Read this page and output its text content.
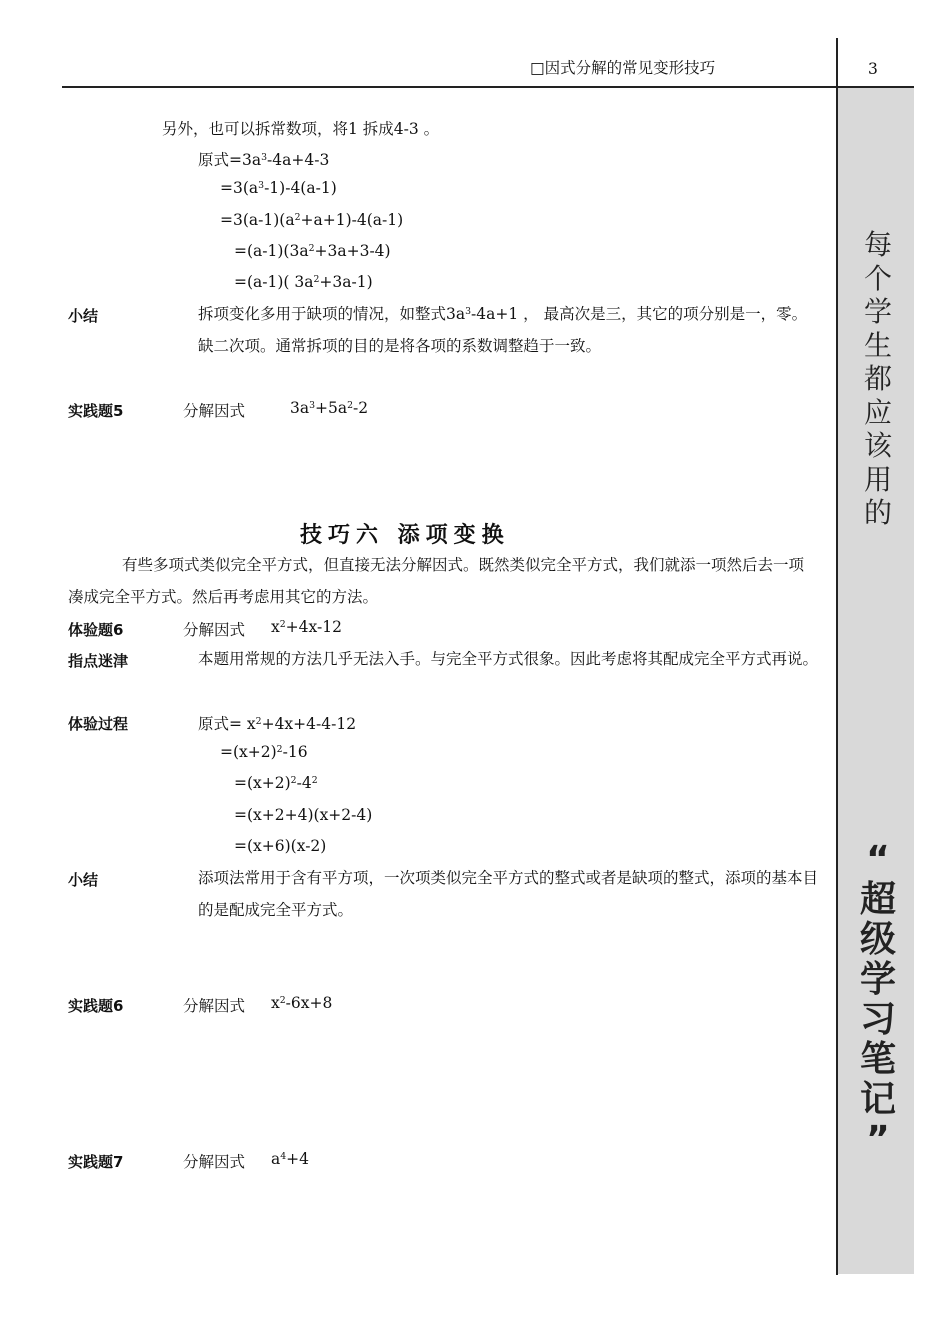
□因式分解的常见变形技巧	3
每
个
学
生
都
应
该
用
的
“
超
级
学
习
笔
记
”
另外，也可以拆常数项，将1 拆成4-3 。
原式$=3a^3-4a+4-3$
$=3(a^3-1)-4(a-1)$
$=3(a-1)(a^2+a+1)-4(a-1)$
$=(a-1)(3a^2+3a+3-4)$
=(a-1)( $3a^2+3a-1$)
小结	拆项变化多用于缺项的情况，如整式$3a^3-4a+1$ ， 最高次是三，其它的项分别是一，零。缺二次项。通常拆项的目的是将各项的系数调整趋于一致。
实践题5	分解因式	$3a^3+5a^2-2$
技巧六 添项变换
有些多项式类似完全平方式，但直接无法分解因式。既然类似完全平方式，我们就添一项然后去一项凑成完全平方式。然后再考虑用其它的方法。
体验题6	分解因式 $x^2+4x-12$
指点迷津	本题用常规的方法几乎无法入手。与完全平方式很象。因此考虑将其配成完全平方式再说。
体验过程	原式= $x^2+4x+4-4-12$
$=(x+2)^2-16$
$=(x+2)^2-4^2$
=(x+2+4)(x+2-4)
=(x+6)(x-2)
小结	添项法常用于含有平方项，一次项类似完全平方式的整式或者是缺项的整式，添项的基本目的是配成完全平方式。
实践题6	分解因式 $x^2-6x+8$
实践题7	分解因式 $a^4+4$
